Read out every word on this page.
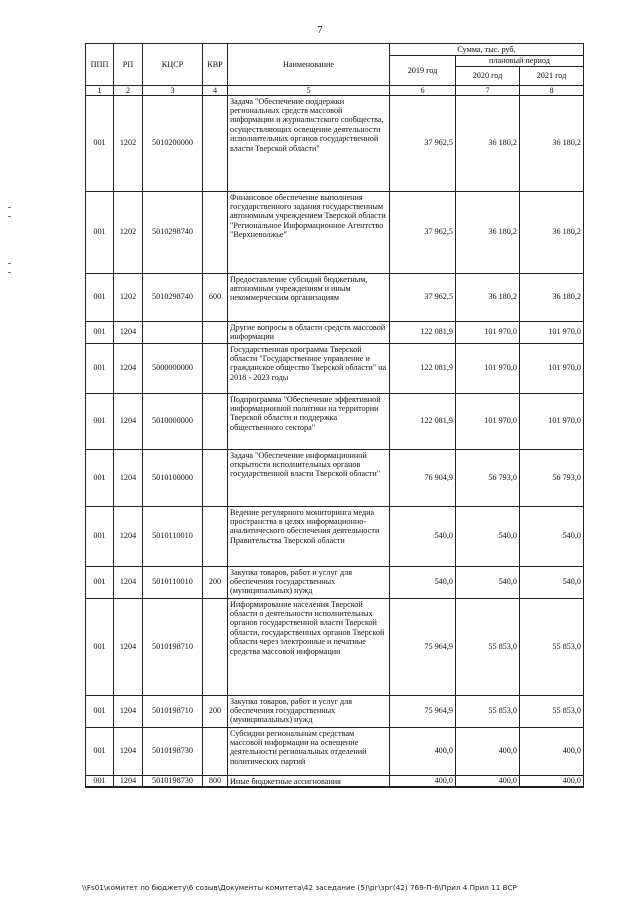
7
ППП	РП	КЦСР	КВР	Наименование	Сумма, тыс. руб.		
					2019 год	плановый период	
						2020 год	2021 год
1	2	3	4	5	6	7	8
001	1202	5010200000		Задача "Обеспечение поддержки региональных средств массовой информации и журналистского сообщества, осуществляющих освещение деятельности исполнительных органов государственной власти Тверской области"	37 962,5	36 180,2	36 180,2
001	1202	5010298740		Финансовое обеспечение выполнения государственного задания государственным автономным учреждением Тверской области "Региональное Информационное Агентство "Верхневолжье"	37 962,5	36 180,2	36 180,2
001	1202	5010298740	600	Предоставление субсидий бюджетным, автономным учреждениям и иным некоммерческим организациям	37 962,5	36 180,2	36 180,2
001	1204			Другие вопросы в области средств массовой информации	122 081,9	101 970,0	101 970,0
001	1204	5000000000		Государственная программа Тверской области "Государственное управление и гражданское общество Тверской области" на 2018 - 2023 годы	122 081,9	101 970,0	101 970,0
001	1204	5010000000		Подпрограмма "Обеспечение эффективной информационной политики на территории Тверской области и поддержка общественного сектора"	122 081,9	101 970,0	101 970,0
001	1204	5010100000		Задача "Обеспечение информационной открытости исполнительных органов государственной власти Тверской области"	76 904,9	56 793,0	56 793,0
001	1204	5010110010		Ведение регулярного мониторинга медиа пространства в целях информационно-аналитического обеспечения деятельности Правительства Тверской области	540,0	540,0	540,0
001	1204	5010110010	200	Закупка товаров, работ и услуг для обеспечения государственных (муниципальных) нужд	540,0	540,0	540,0
001	1204	5010198710		Информирование населения Тверской области о деятельности исполнительных органов государственной власти Тверской области, государственных органов Тверской области через электронные и печатные средства массовой информации	75 964,9	55 853,0	55 853,0
001	1204	5010198710	200	Закупка товаров, работ и услуг для обеспечения государственных (муниципальных) нужд	75 964,9	55 853,0	55 853,0
001	1204	5010198730		Субсидии региональным средствам массовой информации на освещение деятельности региональных отделений политических партий	400,0	400,0	400,0
001	1204	5010198730	800	Иные бюджетные ассигнования	400,0	400,0	400,0
\\Fs01\комитет по бюджету\6 созыв\Документы комитета\42 заседание (5)\рг\зрг(42) 769-П-6\Прил 4 Прил 11 ВСР
